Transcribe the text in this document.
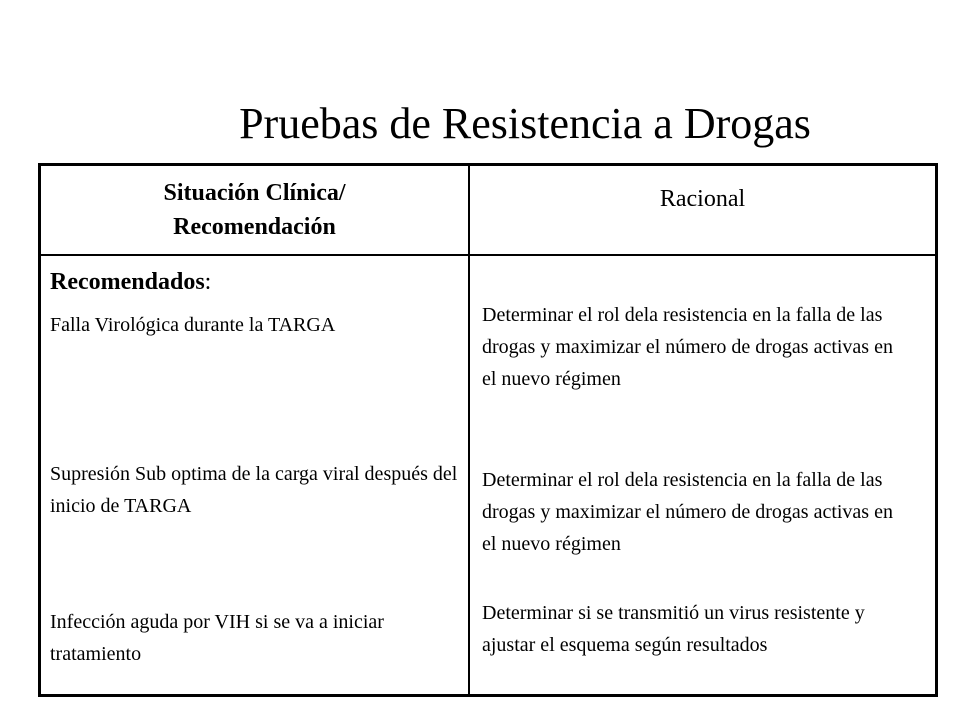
Pruebas de Resistencia a Drogas
Situación Clínica/
Recomendación
Racional
Recomendados:
Falla Virológica durante la TARGA	Determinar el rol dela resistencia en la falla de las drogas y maximizar el número de drogas activas en el nuevo régimen
Supresión Sub optima de la carga viral después del inicio de TARGA
Determinar el rol dela resistencia en la falla de las drogas y maximizar el número de drogas activas en el nuevo régimen
Infección aguda por VIH si se va a iniciar tratamiento
Determinar si se transmitió un virus resistente y ajustar el esquema según resultados
